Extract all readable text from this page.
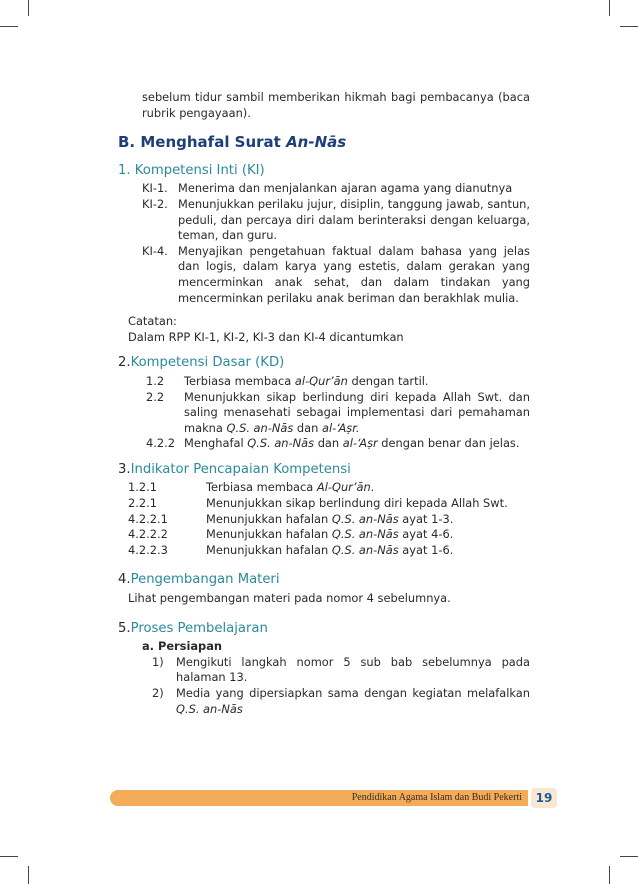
sebelum tidur sambil memberikan hikmah bagi pembacanya (baca rubrik pengayaan).
B. Menghafal Surat An-Nās
1. Kompetensi Inti (KI)
KI-1. Menerima dan menjalankan ajaran agama yang dianutnya
KI-2. Menunjukkan perilaku jujur, disiplin, tanggung jawab, santun, peduli, dan percaya diri dalam berinteraksi dengan keluarga, teman, dan guru.
KI-4. Menyajikan pengetahuan faktual dalam bahasa yang jelas dan logis, dalam karya yang estetis, dalam gerakan yang mencerminkan anak sehat, dan dalam tindakan yang mencerminkan perilaku anak beriman dan berakhlak mulia.
Catatan:
Dalam RPP KI-1, KI-2, KI-3 dan KI-4 dicantumkan
2.Kompetensi Dasar (KD)
1.2	Terbiasa membaca al-Qur’ān dengan tartil.
2.2	Menunjukkan sikap berlindung diri kepada Allah Swt. dan saling menasehati sebagai implementasi dari pemahaman makna Q.S. an-Nās dan al-‘Aṣr.
4.2.2 Menghafal Q.S. an-Nās dan al-‘Aṣr dengan benar dan jelas.
3.Indikator Pencapaian Kompetensi
1.2.1	Terbiasa membaca Al-Qur’ān.
2.2.1	Menunjukkan sikap berlindung diri kepada Allah Swt.
4.2.2.1	Menunjukkan hafalan Q.S. an-Nās ayat 1-3.
4.2.2.2	Menunjukkan hafalan Q.S. an-Nās ayat 4-6.
4.2.2.3	Menunjukkan hafalan Q.S. an-Nās ayat 1-6.
4.Pengembangan Materi
Lihat pengembangan materi pada nomor 4 sebelumnya.
5.Proses Pembelajaran
a. Persiapan
1)	Mengikuti langkah nomor 5 sub bab sebelumnya pada halaman 13.
2)	Media yang dipersiapkan sama dengan kegiatan melafalkan Q.S. an-Nās
Pendidikan Agama Islam dan Budi Pekerti	19
